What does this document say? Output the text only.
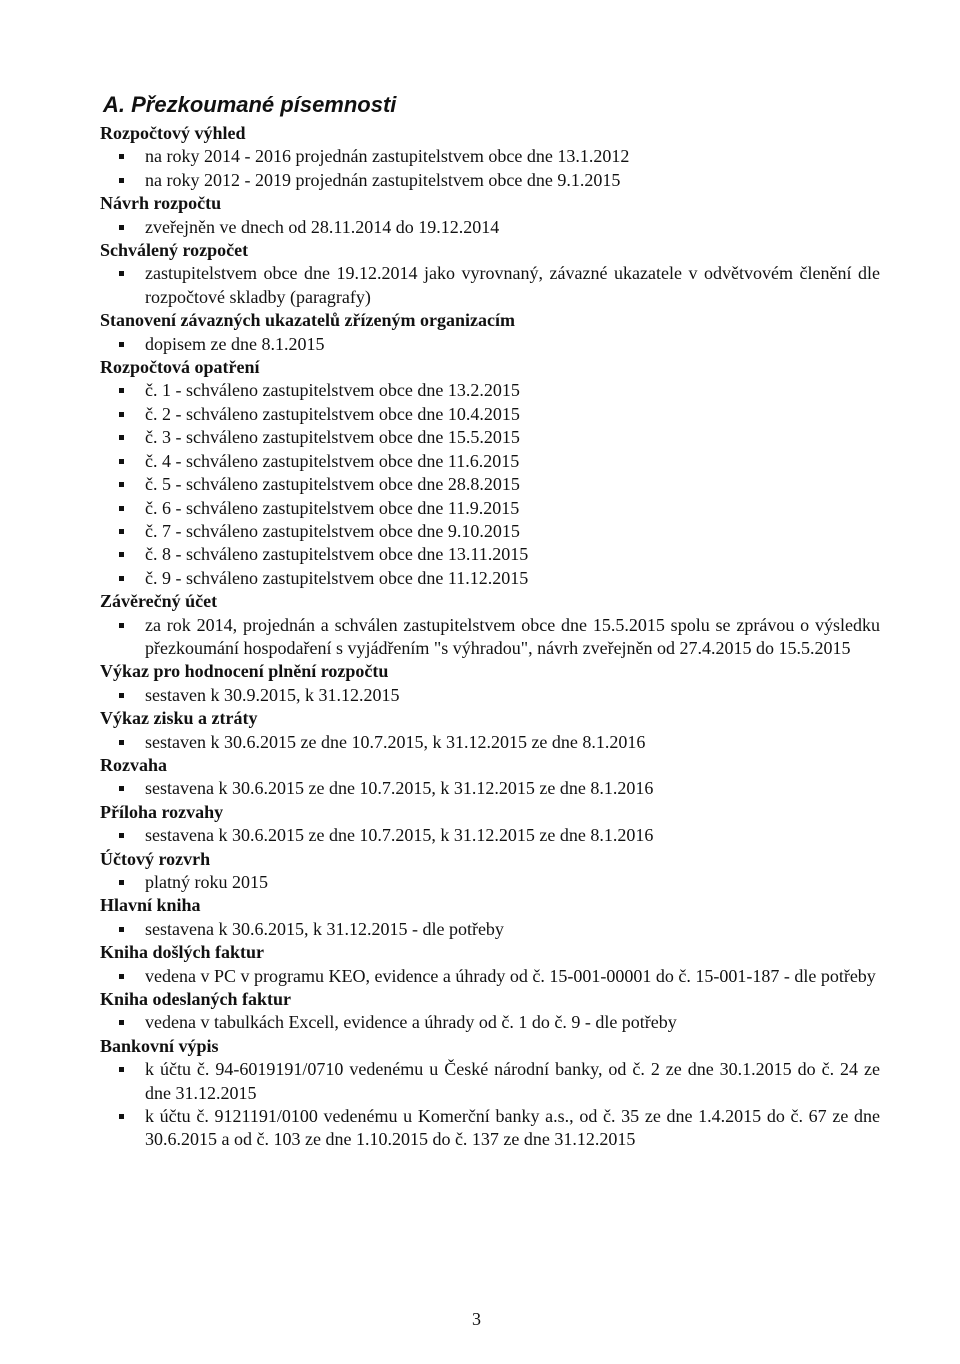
A. Přezkoumané písemnosti
Rozpočtový výhled
na roky 2014 - 2016 projednán zastupitelstvem obce dne 13.1.2012
na roky 2012 - 2019 projednán zastupitelstvem obce dne 9.1.2015
Návrh rozpočtu
zveřejněn ve dnech od 28.11.2014 do 19.12.2014
Schválený rozpočet
zastupitelstvem obce dne 19.12.2014 jako vyrovnaný, závazné ukazatele v odvětvovém členění dle rozpočtové skladby (paragrafy)
Stanovení závazných ukazatelů zřízeným organizacím
dopisem ze dne 8.1.2015
Rozpočtová opatření
č. 1 - schváleno zastupitelstvem obce dne 13.2.2015
č. 2 - schváleno zastupitelstvem obce dne 10.4.2015
č. 3 - schváleno zastupitelstvem obce dne 15.5.2015
č. 4 - schváleno zastupitelstvem obce dne 11.6.2015
č. 5 - schváleno zastupitelstvem obce dne 28.8.2015
č. 6 - schváleno zastupitelstvem obce dne 11.9.2015
č. 7 - schváleno zastupitelstvem obce dne 9.10.2015
č. 8 - schváleno zastupitelstvem obce dne 13.11.2015
č. 9 - schváleno zastupitelstvem obce dne 11.12.2015
Závěrečný účet
za rok 2014, projednán a schválen zastupitelstvem obce dne 15.5.2015 spolu se zprávou o výsledku přezkoumání hospodaření s vyjádřením "s výhradou", návrh zveřejněn od 27.4.2015 do 15.5.2015
Výkaz pro hodnocení plnění rozpočtu
sestaven k 30.9.2015, k 31.12.2015
Výkaz zisku a ztráty
sestaven k 30.6.2015 ze dne 10.7.2015, k 31.12.2015 ze dne 8.1.2016
Rozvaha
sestavena k 30.6.2015 ze dne 10.7.2015, k 31.12.2015 ze dne 8.1.2016
Příloha rozvahy
sestavena k 30.6.2015 ze dne 10.7.2015, k 31.12.2015 ze dne 8.1.2016
Účtový rozvrh
platný roku 2015
Hlavní kniha
sestavena k 30.6.2015, k 31.12.2015 - dle potřeby
Kniha došlých faktur
vedena v PC v programu KEO, evidence a úhrady od č. 15-001-00001 do č. 15-001-187 - dle potřeby
Kniha odeslaných faktur
vedena v tabulkách Excell, evidence a úhrady od č. 1 do č. 9 - dle potřeby
Bankovní výpis
k účtu č. 94-6019191/0710 vedenému u České národní banky, od č. 2 ze dne 30.1.2015 do č. 24 ze dne 31.12.2015
k účtu č. 9121191/0100 vedenému u Komerční banky a.s., od č. 35 ze dne 1.4.2015 do č. 67 ze dne 30.6.2015 a od č. 103 ze dne 1.10.2015 do č. 137 ze dne 31.12.2015
3
